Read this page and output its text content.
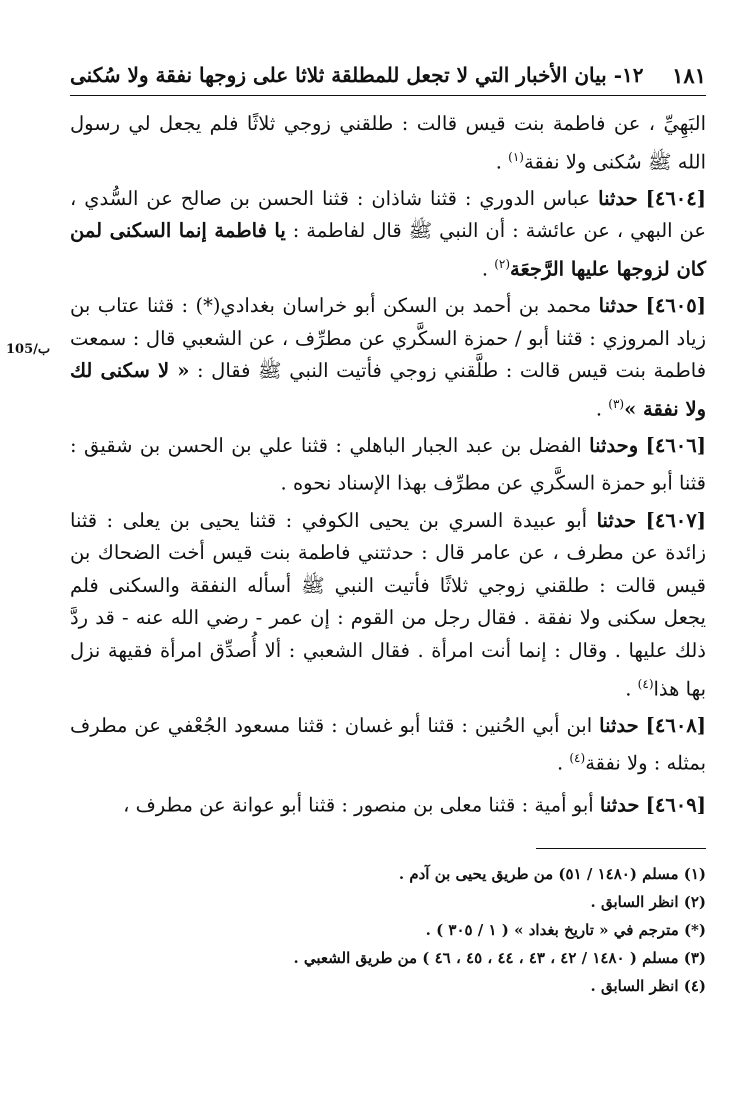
١٢- بيان الأخبار التي لا تجعل للمطلقة ثلاثا على زوجها نفقة ولا سُكنى ١٨١
105/ب

البَهِيِّ ، عن فاطمة بنت قيس قالت : طلقني زوجي ثلاثًا فلم يجعل لي رسول الله ﷺ سُكنى ولا نفقة$^{(١)}$ .

[٤٦٠٤] حدثنا عباس الدوري : قثنا شاذان : قثنا الحسن بن صالح عن السُّدي ، عن البهي ، عن عائشة : أن النبي ﷺ قال لفاطمة : يا فاطمة إنما السكنى لمن كان لزوجها عليها الرَّجعَة$^{(٢)}$ .

[٤٦٠٥] حدثنا محمد بن أحمد بن السكن أبو خراسان بغدادي(*) : قثنا عتاب بن زياد المروزي : قثنا أبو / حمزة السكَّري عن مطرِّف ، عن الشعبي قال : سمعت فاطمة بنت قيس قالت : طلَّقني زوجي فأتيت النبي ﷺ فقال : « لا سكنى لك ولا نفقة »$^{(٣)}$ .

[٤٦٠٦] وحدثنا الفضل بن عبد الجبار الباهلي : قثنا علي بن الحسن بن شقيق : قثنا أبو حمزة السكَّري عن مطرِّف بهذا الإسناد نحوه .

[٤٦٠٧] حدثنا أبو عبيدة السري بن يحيى الكوفي : قثنا يحيى بن يعلى : قثنا زائدة عن مطرف ، عن عامر قال : حدثتني فاطمة بنت قيس أخت الضحاك بن قيس قالت : طلقني زوجي ثلاثًا فأتيت النبي ﷺ أسأله النفقة والسكنى فلم يجعل سكنى ولا نفقة . فقال رجل من القوم : إن عمر - رضي الله عنه - قد ردَّ ذلك عليها . وقال : إنما أنت امرأة . فقال الشعبي : ألا أُصدِّق امرأة فقيهة نزل بها هذا$^{(٤)}$ .

[٤٦٠٨] حدثنا ابن أبي الحُنين : قثنا أبو غسان : قثنا مسعود الجُعْفي عن مطرف بمثله : ولا نفقة$^{(٤)}$ .

[٤٦٠٩] حدثنا أبو أمية : قثنا معلى بن منصور : قثنا أبو عوانة عن مطرف ،

(١) مسلم (١٤٨٠ / ٥١) من طريق يحيى بن آدم .
(٢) انظر السابق .
(*) مترجم في « تاريخ بغداد » ( ١ / ٣٠٥ ) .
(٣) مسلم ( ١٤٨٠ / ٤٢ ، ٤٣ ، ٤٤ ، ٤٥ ، ٤٦ ) من طريق الشعبي .
(٤) انظر السابق .
